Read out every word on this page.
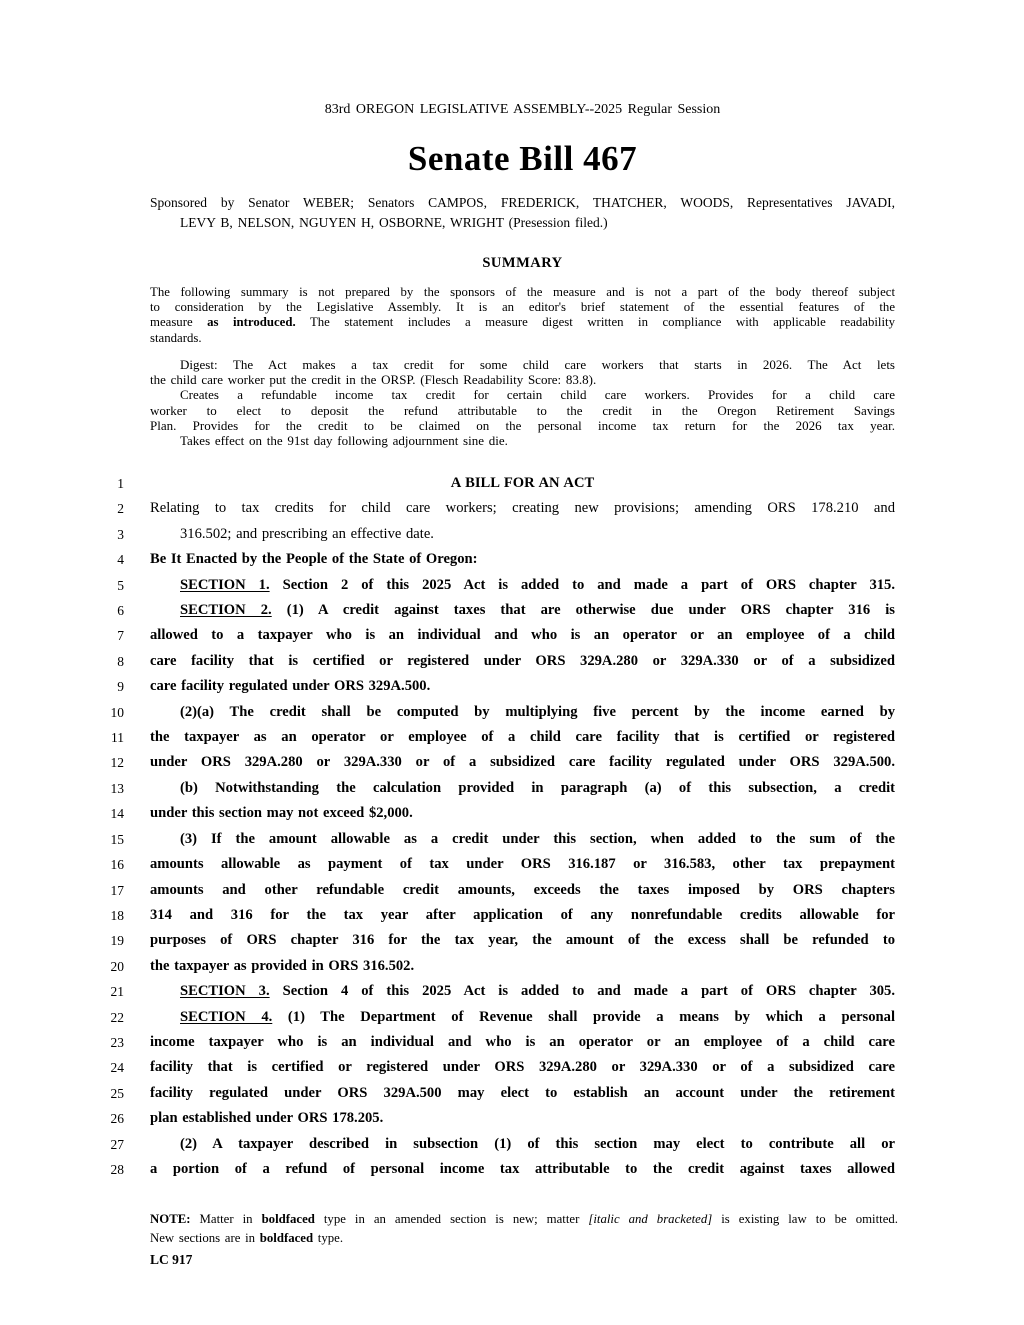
83rd OREGON LEGISLATIVE ASSEMBLY--2025 Regular Session
Senate Bill 467
Sponsored by Senator WEBER; Senators CAMPOS, FREDERICK, THATCHER, WOODS, Representatives JAVADI,
LEVY B, NELSON, NGUYEN H, OSBORNE, WRIGHT (Presession filed.)
SUMMARY
The following summary is not prepared by the sponsors of the measure and is not a part of the body thereof subject
to consideration by the Legislative Assembly. It is an editor's brief statement of the essential features of the
measure as introduced. The statement includes a measure digest written in compliance with applicable readability
standards.
Digest: The Act makes a tax credit for some child care workers that starts in 2026. The Act lets
the child care worker put the credit in the ORSP. (Flesch Readability Score: 83.8).
Creates a refundable income tax credit for certain child care workers. Provides for a child care
worker to elect to deposit the refund attributable to the credit in the Oregon Retirement Savings
Plan. Provides for the credit to be claimed on the personal income tax return for the 2026 tax year.
Takes effect on the 91st day following adjournment sine die.
1	A BILL FOR AN ACT
2 Relating to tax credits for child care workers; creating new provisions; amending ORS 178.210 and
3	316.502; and prescribing an effective date.
4 Be It Enacted by the People of the State of Oregon:
5	SECTION 1. Section 2 of this 2025 Act is added to and made a part of ORS chapter 315.
6	SECTION 2. (1) A credit against taxes that are otherwise due under ORS chapter 316 is
7 allowed to a taxpayer who is an individual and who is an operator or an employee of a child
8 care facility that is certified or registered under ORS 329A.280 or 329A.330 or of a subsidized
9 care facility regulated under ORS 329A.500.
10	(2)(a) The credit shall be computed by multiplying five percent by the income earned by
11 the taxpayer as an operator or employee of a child care facility that is certified or registered
12 under ORS 329A.280 or 329A.330 or of a subsidized care facility regulated under ORS 329A.500.
13	(b) Notwithstanding the calculation provided in paragraph (a) of this subsection, a credit
14 under this section may not exceed $2,000.
15	(3) If the amount allowable as a credit under this section, when added to the sum of the
16 amounts allowable as payment of tax under ORS 316.187 or 316.583, other tax prepayment
17 amounts and other refundable credit amounts, exceeds the taxes imposed by ORS chapters
18 314 and 316 for the tax year after application of any nonrefundable credits allowable for
19 purposes of ORS chapter 316 for the tax year, the amount of the excess shall be refunded to
20 the taxpayer as provided in ORS 316.502.
21	SECTION 3. Section 4 of this 2025 Act is added to and made a part of ORS chapter 305.
22	SECTION 4. (1) The Department of Revenue shall provide a means by which a personal
23 income taxpayer who is an individual and who is an operator or an employee of a child care
24 facility that is certified or registered under ORS 329A.280 or 329A.330 or of a subsidized care
25 facility regulated under ORS 329A.500 may elect to establish an account under the retirement
26 plan established under ORS 178.205.
27	(2) A taxpayer described in subsection (1) of this section may elect to contribute all or
28 a portion of a refund of personal income tax attributable to the credit against taxes allowed
NOTE: Matter in boldfaced type in an amended section is new; matter [italic and bracketed] is existing law to be omitted.
New sections are in boldfaced type.
LC 917
